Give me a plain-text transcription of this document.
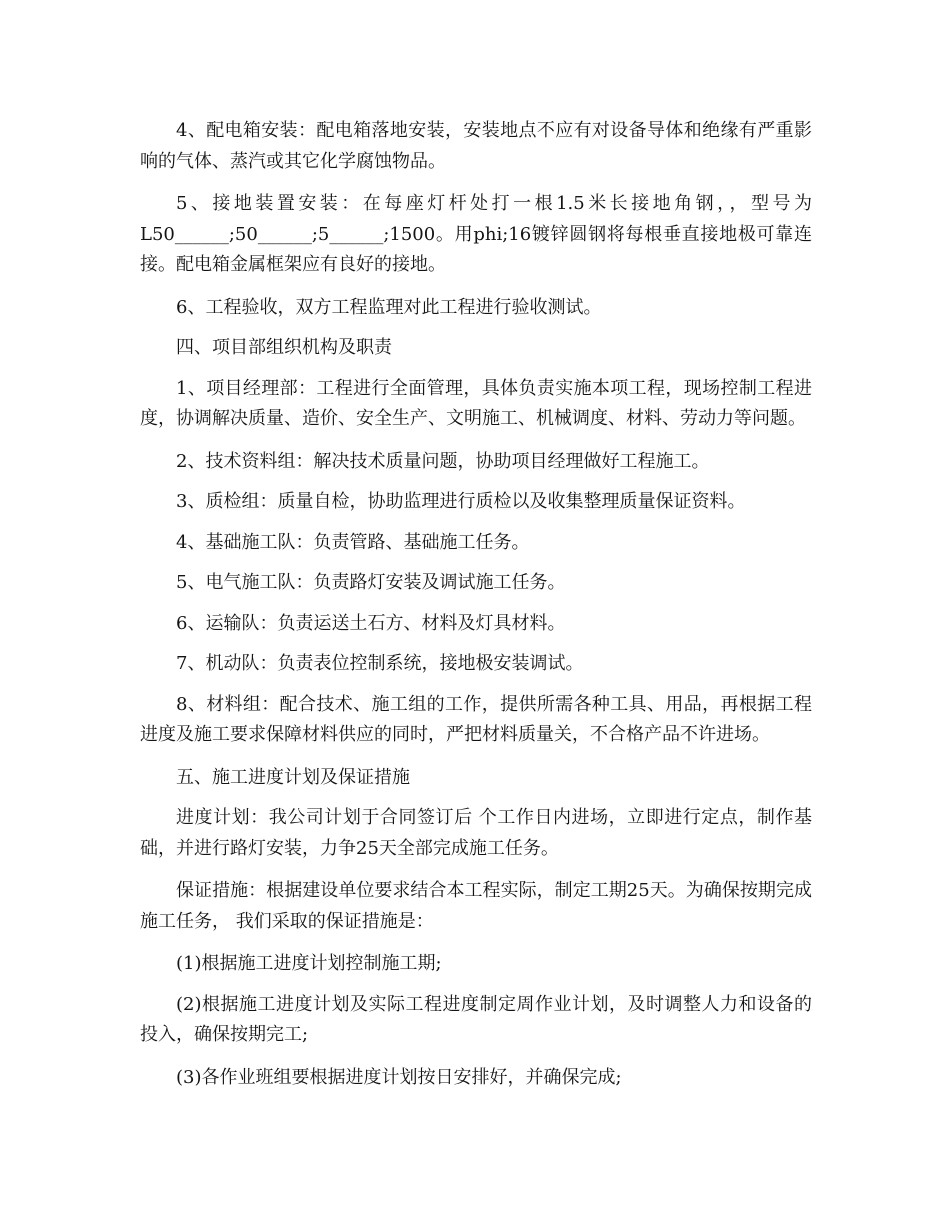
4、配电箱安装：配电箱落地安装，安装地点不应有对设备导体和绝缘有严重影响的气体、蒸汽或其它化学腐蚀物品。

5、接地装置安装：在每座灯杆处打一根1.5米长接地角钢，，型号为L50______;50______;5______;1500。用phi;16镀锌圆钢将每根垂直接地极可靠连接。配电箱金属框架应有良好的接地。

6、工程验收，双方工程监理对此工程进行验收测试。

四、项目部组织机构及职责

1、项目经理部：工程进行全面管理，具体负责实施本项工程，现场控制工程进度，协调解决质量、造价、安全生产、文明施工、机械调度、材料、劳动力等问题。

2、技术资料组：解决技术质量问题，协助项目经理做好工程施工。

3、质检组：质量自检，协助监理进行质检以及收集整理质量保证资料。

4、基础施工队：负责管路、基础施工任务。

5、电气施工队：负责路灯安装及调试施工任务。

6、运输队：负责运送土石方、材料及灯具材料。

7、机动队：负责表位控制系统，接地极安装调试。

8、材料组：配合技术、施工组的工作，提供所需各种工具、用品，再根据工程进度及施工要求保障材料供应的同时，严把材料质量关，不合格产品不许进场。

五、施工进度计划及保证措施

进度计划：我公司计划于合同签订后 个工作日内进场，立即进行定点，制作基础，并进行路灯安装，力争25天全部完成施工任务。

保证措施：根据建设单位要求结合本工程实际，制定工期25天。为确保按期完成施工任务， 我们采取的保证措施是：

(1)根据施工进度计划控制施工期;

(2)根据施工进度计划及实际工程进度制定周作业计划，及时调整人力和设备的投入，确保按期完工;

(3)各作业班组要根据进度计划按日安排好，并确保完成;
